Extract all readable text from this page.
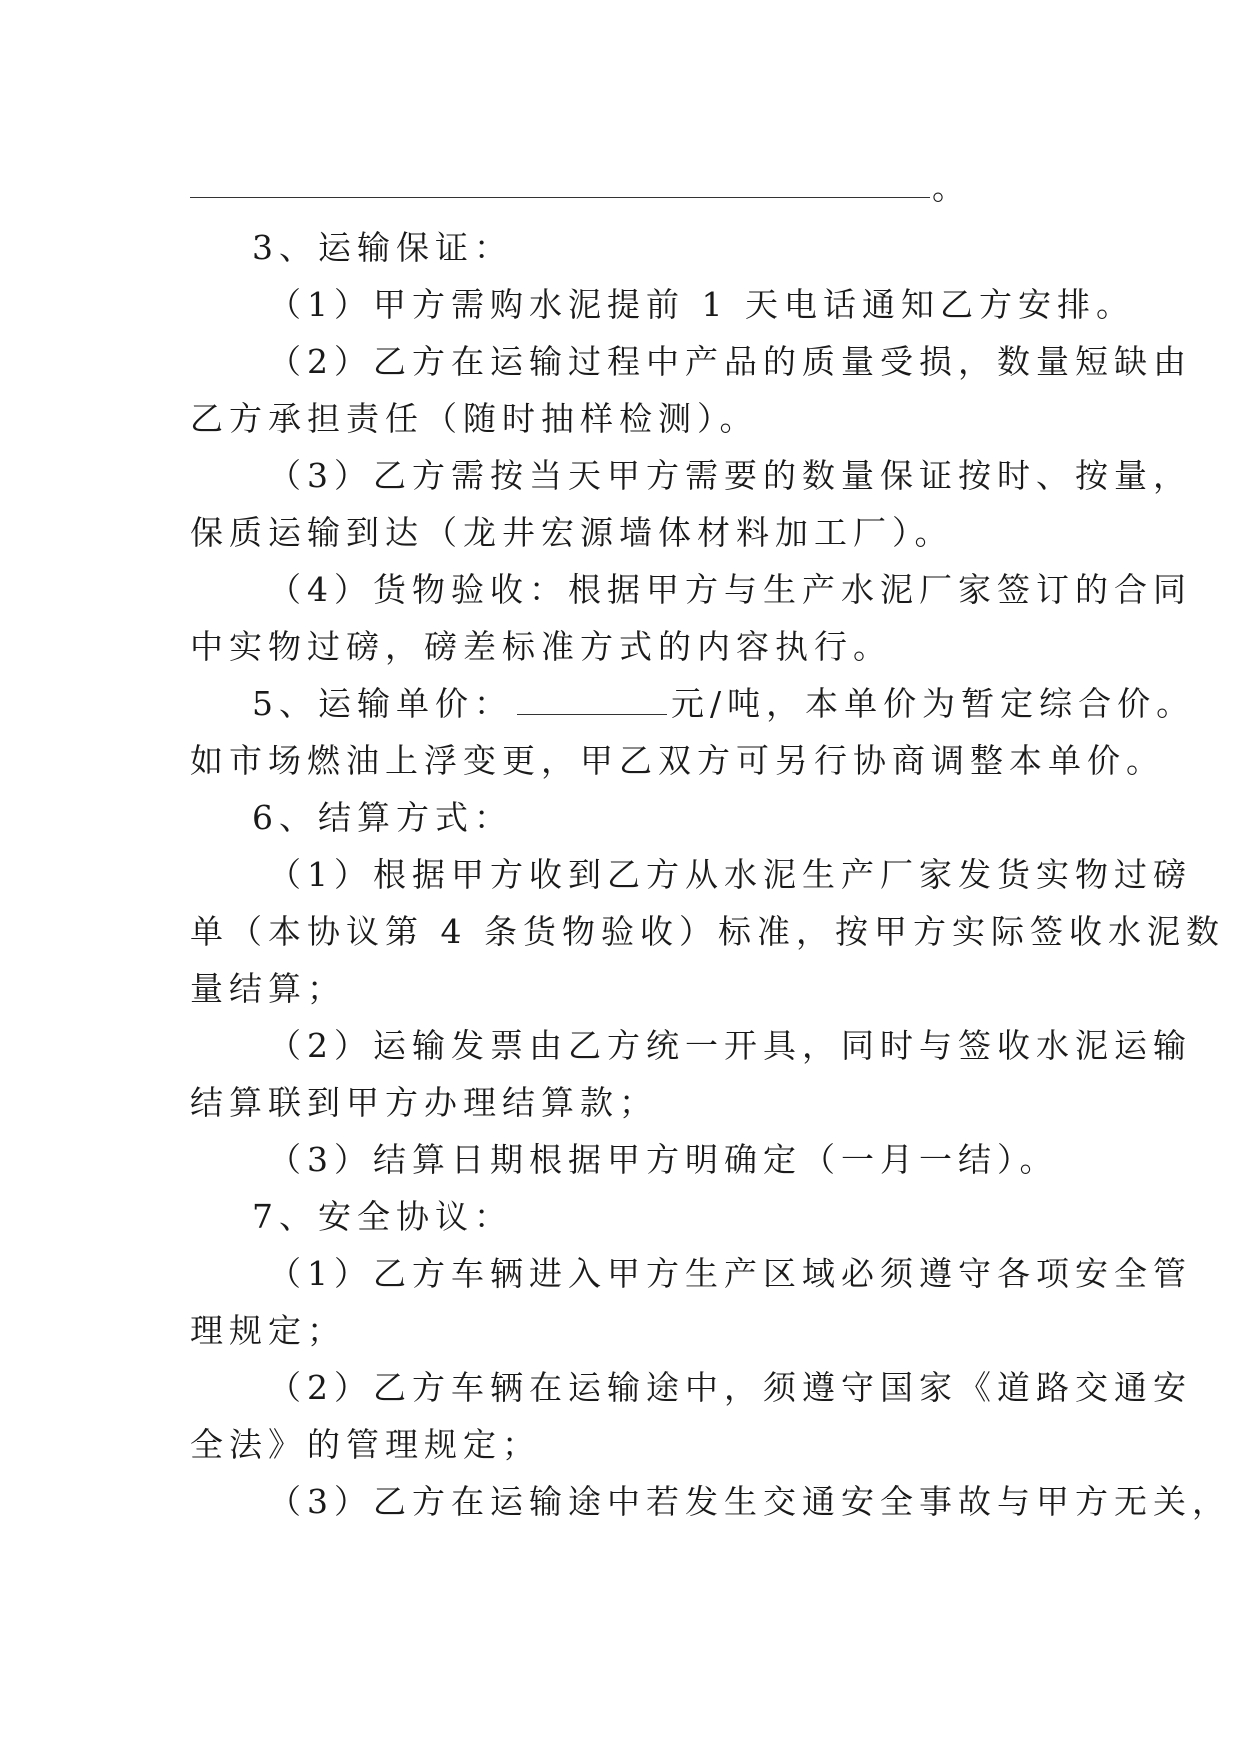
。
3、运输保证：
（1）甲方需购水泥提前 1 天电话通知乙方安排。
（2）乙方在运输过程中产品的质量受损，数量短缺由
乙方承担责任（随时抽样检测）。
（3）乙方需按当天甲方需要的数量保证按时、按量，
保质运输到达（龙井宏源墙体材料加工厂）。
（4）货物验收：根据甲方与生产水泥厂家签订的合同
中实物过磅，磅差标准方式的内容执行。
5、运输单价：	元/吨，本单价为暂定综合价。
如市场燃油上浮变更，甲乙双方可另行协商调整本单价。
6、结算方式：
（1）根据甲方收到乙方从水泥生产厂家发货实物过磅
单（本协议第 4 条货物验收）标准，按甲方实际签收水泥数
量结算；
（2）运输发票由乙方统一开具，同时与签收水泥运输
结算联到甲方办理结算款；
（3）结算日期根据甲方明确定（一月一结）。
7、安全协议：
（1）乙方车辆进入甲方生产区域必须遵守各项安全管
理规定；
（2）乙方车辆在运输途中，须遵守国家《道路交通安
全法》的管理规定；
（3）乙方在运输途中若发生交通安全事故与甲方无关，
